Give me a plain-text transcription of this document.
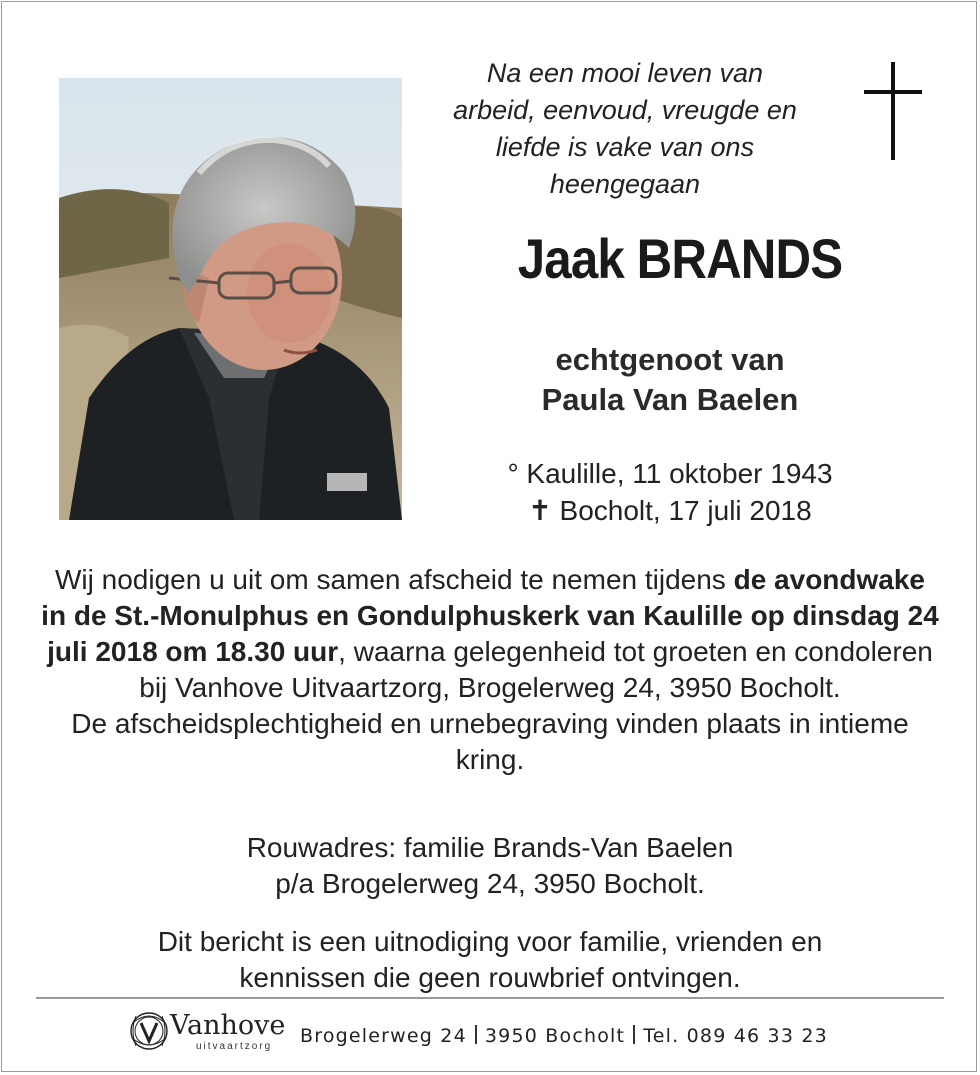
Na een mooi leven van
arbeid, eenvoud, vreugde en
liefde is vake van ons
heengegaan
Jaak BRANDS
echtgenoot van
Paula Van Baelen
° Kaulille, 11 oktober 1943
✝ Bocholt, 17 juli 2018
Wij nodigen u uit om samen afscheid te nemen tijdens de avondwake in de St.-Monulphus en Gondulphuskerk van Kaulille op dinsdag 24 juli 2018 om 18.30 uur, waarna gelegenheid tot groeten en condoleren bij Vanhove Uitvaartzorg, Brogelerweg 24, 3950 Bocholt.
De afscheidsplechtigheid en urnebegraving vinden plaats in intieme kring.
Rouwadres: familie Brands-Van Baelen
p/a Brogelerweg 24, 3950 Bocholt.
Dit bericht is een uitnodiging voor familie, vrienden en
kennissen die geen rouwbrief ontvingen.
Vanhove
uitvaartzorg Brogelerweg 24 3950 Bocholt Tel. 089 46 33 23
